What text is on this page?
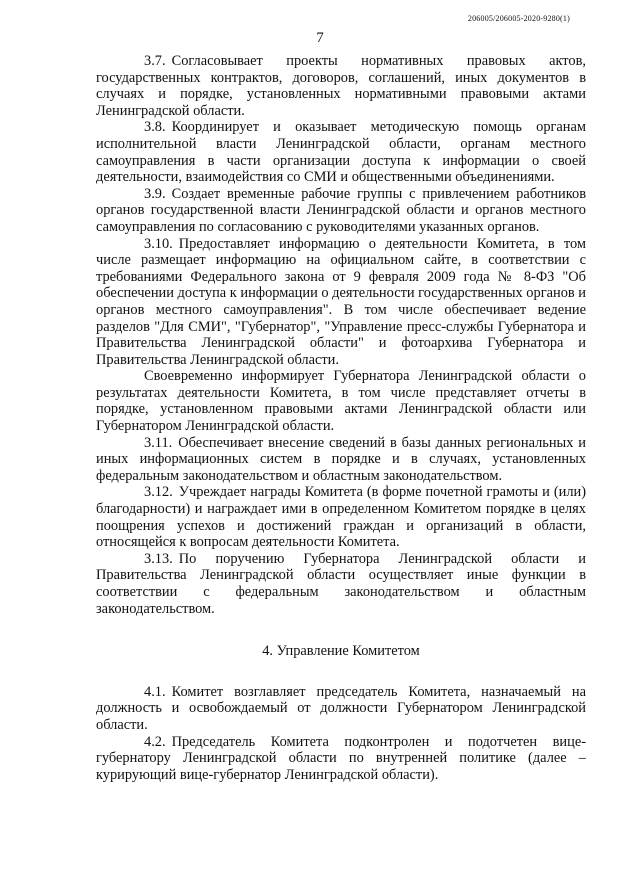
206005/206005-2020-9280(1)
7

3.7. Согласовывает проекты нормативных правовых актов, государственных контрактов, договоров, соглашений, иных документов в случаях и порядке, установленных нормативными правовыми актами Ленинградской области.

3.8. Координирует и оказывает методическую помощь органам исполнительной власти Ленинградской области, органам местного самоуправления в части организации доступа к информации о своей деятельности, взаимодействия со СМИ и общественными объединениями.

3.9. Создает временные рабочие группы с привлечением работников органов государственной власти Ленинградской области и органов местного самоуправления по согласованию с руководителями указанных органов.

3.10. Предоставляет информацию о деятельности Комитета, в том числе размещает информацию на официальном сайте, в соответствии с требованиями Федерального закона от 9 февраля 2009 года № 8-ФЗ "Об обеспечении доступа к информации о деятельности государственных органов и органов местного самоуправления". В том числе обеспечивает ведение разделов "Для СМИ", "Губернатор", "Управление пресс-службы Губернатора и Правительства Ленинградской области" и фотоархива Губернатора и Правительства Ленинградской области.

Своевременно информирует Губернатора Ленинградской области о результатах деятельности Комитета, в том числе представляет отчеты в порядке, установленном правовыми актами Ленинградской области или Губернатором Ленинградской области.

3.11. Обеспечивает внесение сведений в базы данных региональных и иных информационных систем в порядке и в случаях, установленных федеральным законодательством и областным законодательством.

3.12. Учреждает награды Комитета (в форме почетной грамоты и (или) благодарности) и награждает ими в определенном Комитетом порядке в целях поощрения успехов и достижений граждан и организаций в области, относящейся к вопросам деятельности Комитета.

3.13. По поручению Губернатора Ленинградской области и Правительства Ленинградской области осуществляет иные функции в соответствии с федеральным законодательством и областным законодательством.

4. Управление Комитетом

4.1. Комитет возглавляет председатель Комитета, назначаемый на должность и освобождаемый от должности Губернатором Ленинградской области.

4.2. Председатель Комитета подконтролен и подотчетен вице-губернатору Ленинградской области по внутренней политике (далее – курирующий вице-губернатор Ленинградской области).
